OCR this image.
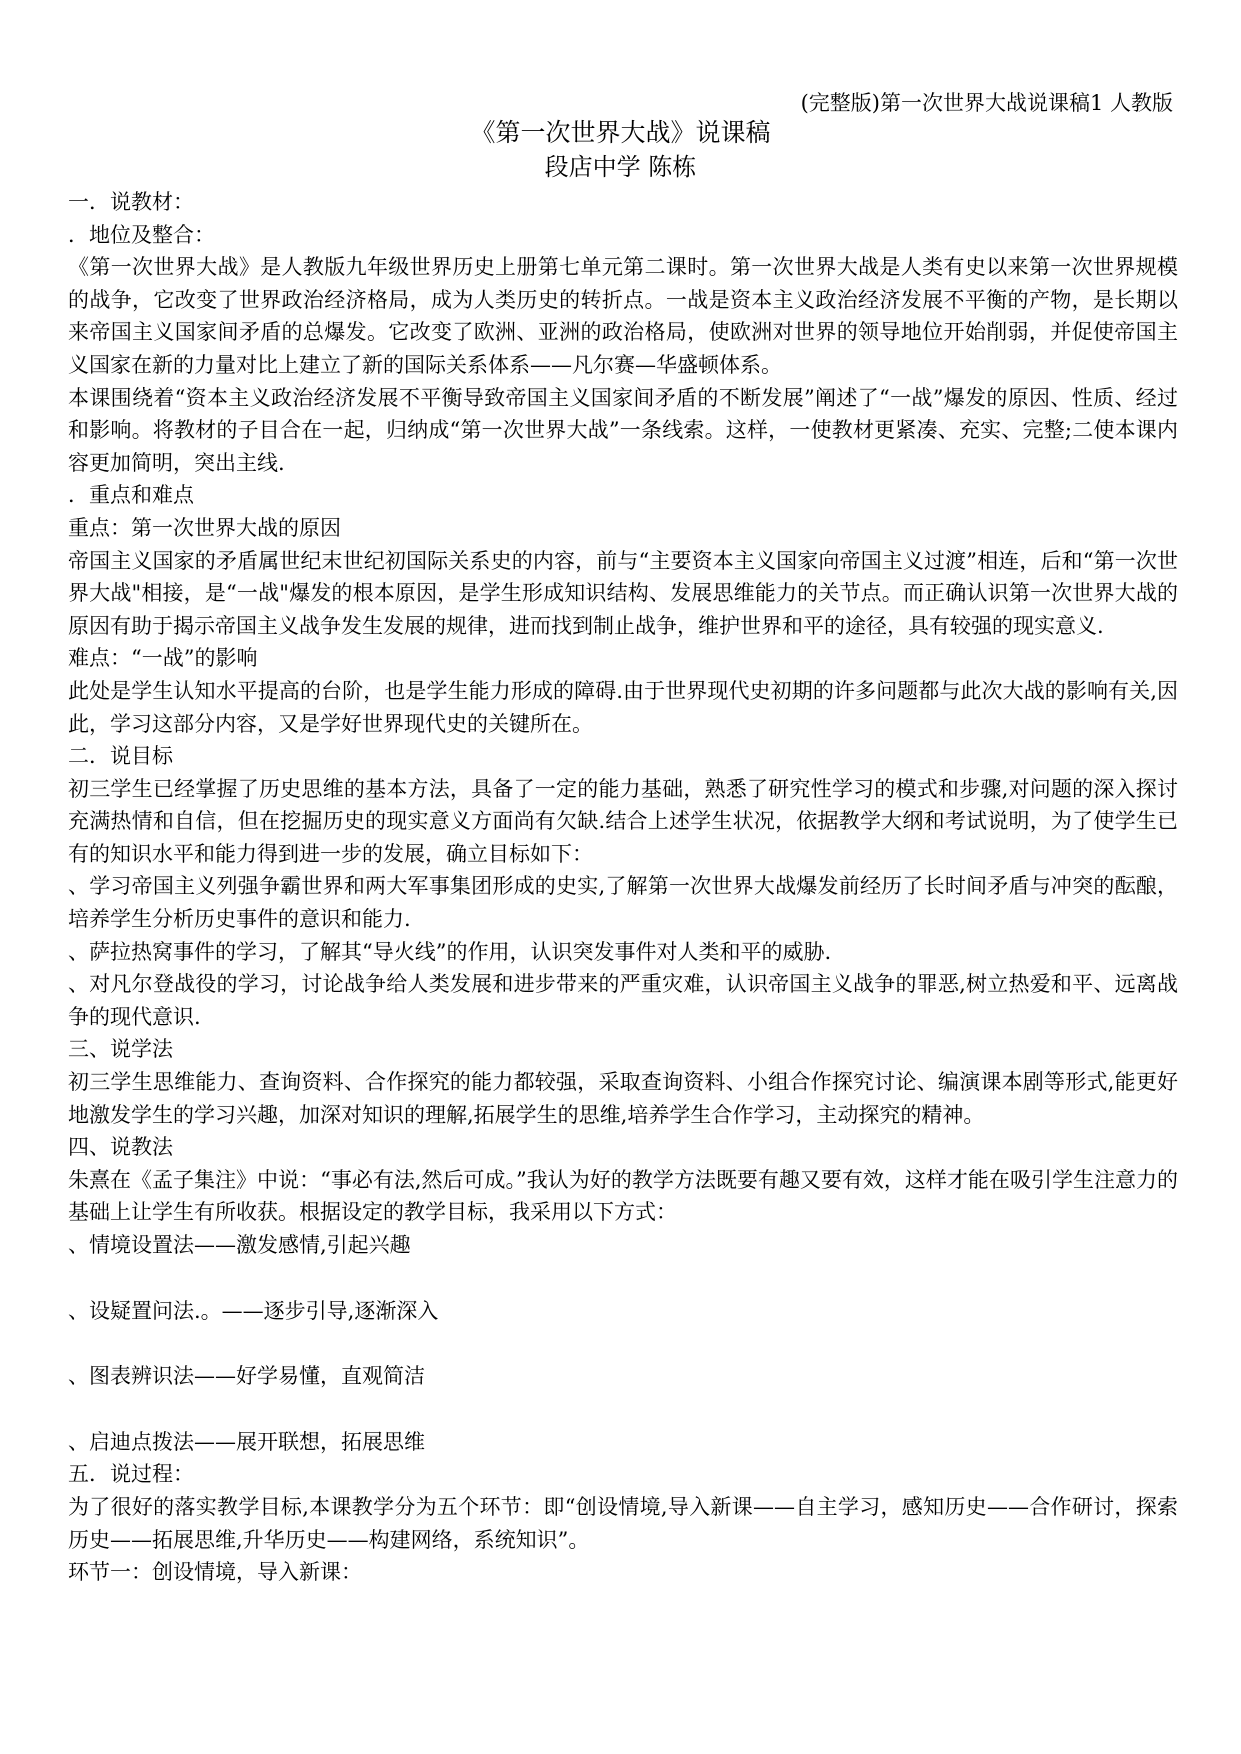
(完整版)第一次世界大战说课稿1 人教版
《第一次世界大战》说课稿
段店中学 陈栋
一．说教材：
．地位及整合：
《第一次世界大战》是人教版九年级世界历史上册第七单元第二课时。第一次世界大战是人类有史以来第一次世界规模的战争，它改变了世界政治经济格局，成为人类历史的转折点。一战是资本主义政治经济发展不平衡的产物，是长期以来帝国主义国家间矛盾的总爆发。它改变了欧洲、亚洲的政治格局，使欧洲对世界的领导地位开始削弱，并促使帝国主义国家在新的力量对比上建立了新的国际关系体系——凡尔赛—华盛顿体系。
本课围绕着“资本主义政治经济发展不平衡导致帝国主义国家间矛盾的不断发展”阐述了“一战”爆发的原因、性质、经过和影响。将教材的子目合在一起，归纳成“第一次世界大战”一条线索。这样，一使教材更紧凑、充实、完整;二使本课内容更加简明，突出主线.
．重点和难点
重点：第一次世界大战的原因
帝国主义国家的矛盾属世纪末世纪初国际关系史的内容，前与“主要资本主义国家向帝国主义过渡”相连，后和“第一次世界大战"相接，是“一战"爆发的根本原因，是学生形成知识结构、发展思维能力的关节点。而正确认识第一次世界大战的原因有助于揭示帝国主义战争发生发展的规律，进而找到制止战争，维护世界和平的途径，具有较强的现实意义.
难点：“一战”的影响
此处是学生认知水平提高的台阶，也是学生能力形成的障碍.由于世界现代史初期的许多问题都与此次大战的影响有关,因此，学习这部分内容，又是学好世界现代史的关键所在。
二．说目标
初三学生已经掌握了历史思维的基本方法，具备了一定的能力基础，熟悉了研究性学习的模式和步骤,对问题的深入探讨充满热情和自信，但在挖掘历史的现实意义方面尚有欠缺.结合上述学生状况，依据教学大纲和考试说明，为了使学生已有的知识水平和能力得到进一步的发展，确立目标如下：
、学习帝国主义列强争霸世界和两大军事集团形成的史实,了解第一次世界大战爆发前经历了长时间矛盾与冲突的酝酿，培养学生分析历史事件的意识和能力.
、萨拉热窝事件的学习，了解其“导火线”的作用，认识突发事件对人类和平的威胁.
、对凡尔登战役的学习，讨论战争给人类发展和进步带来的严重灾难，认识帝国主义战争的罪恶,树立热爱和平、远离战争的现代意识.
三、说学法
初三学生思维能力、查询资料、合作探究的能力都较强，采取查询资料、小组合作探究讨论、编演课本剧等形式,能更好地激发学生的学习兴趣，加深对知识的理解,拓展学生的思维,培养学生合作学习，主动探究的精神。
四、说教法
朱熹在《孟子集注》中说：“事必有法,然后可成。”我认为好的教学方法既要有趣又要有效，这样才能在吸引学生注意力的基础上让学生有所收获。根据设定的教学目标，我采用以下方式：
、情境设置法——激发感情,引起兴趣
、设疑置问法.。——逐步引导,逐渐深入
、图表辨识法——好学易懂，直观简洁
、启迪点拨法——展开联想，拓展思维
五．说过程：
为了很好的落实教学目标,本课教学分为五个环节：即“创设情境,导入新课——自主学习，感知历史——合作研讨，探索历史——拓展思维,升华历史——构建网络，系统知识”。
环节一：创设情境，导入新课：
